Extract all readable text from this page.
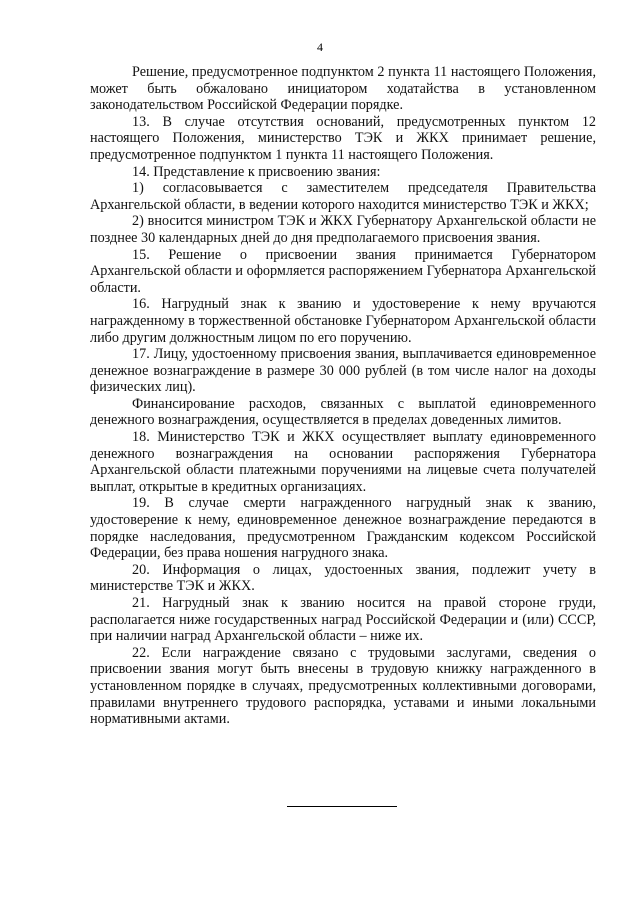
4

Решение, предусмотренное подпунктом 2 пункта 11 настоящего Положения, может быть обжаловано инициатором ходатайства в установленном законодательством Российской Федерации порядке.

13. В случае отсутствия оснований, предусмотренных пунктом 12 настоящего Положения, министерство ТЭК и ЖКХ принимает решение, предусмотренное подпунктом 1 пункта 11 настоящего Положения.

14. Представление к присвоению звания:

1) согласовывается с заместителем председателя Правительства Архангельской области, в ведении которого находится министерство ТЭК и ЖКХ;

2) вносится министром ТЭК и ЖКХ Губернатору Архангельской области не позднее 30 календарных дней до дня предполагаемого присвоения звания.

15. Решение о присвоении звания принимается Губернатором Архангельской области и оформляется распоряжением Губернатора Архангельской области.

16. Нагрудный знак к званию и удостоверение к нему вручаются награжденному в торжественной обстановке Губернатором Архангельской области либо другим должностным лицом по его поручению.

17. Лицу, удостоенному присвоения звания, выплачивается единовременное денежное вознаграждение в размере 30 000 рублей (в том числе налог на доходы физических лиц).

Финансирование расходов, связанных с выплатой единовременного денежного вознаграждения, осуществляется в пределах доведенных лимитов.

18. Министерство ТЭК и ЖКХ осуществляет выплату единовременного денежного вознаграждения на основании распоряжения Губернатора Архангельской области платежными поручениями на лицевые счета получателей выплат, открытые в кредитных организациях.

19. В случае смерти награжденного нагрудный знак к званию, удостоверение к нему, единовременное денежное вознаграждение передаются в порядке наследования, предусмотренном Гражданским кодексом Российской Федерации, без права ношения нагрудного знака.

20. Информация о лицах, удостоенных звания, подлежит учету в министерстве ТЭК и ЖКХ.

21. Нагрудный знак к званию носится на правой стороне груди, располагается ниже государственных наград Российской Федерации и (или) СССР, при наличии наград Архангельской области – ниже их.

22. Если награждение связано с трудовыми заслугами, сведения о присвоении звания могут быть внесены в трудовую книжку награжденного в установленном порядке в случаях, предусмотренных коллективными договорами, правилами внутреннего трудового распорядка, уставами и иными локальными нормативными актами.
